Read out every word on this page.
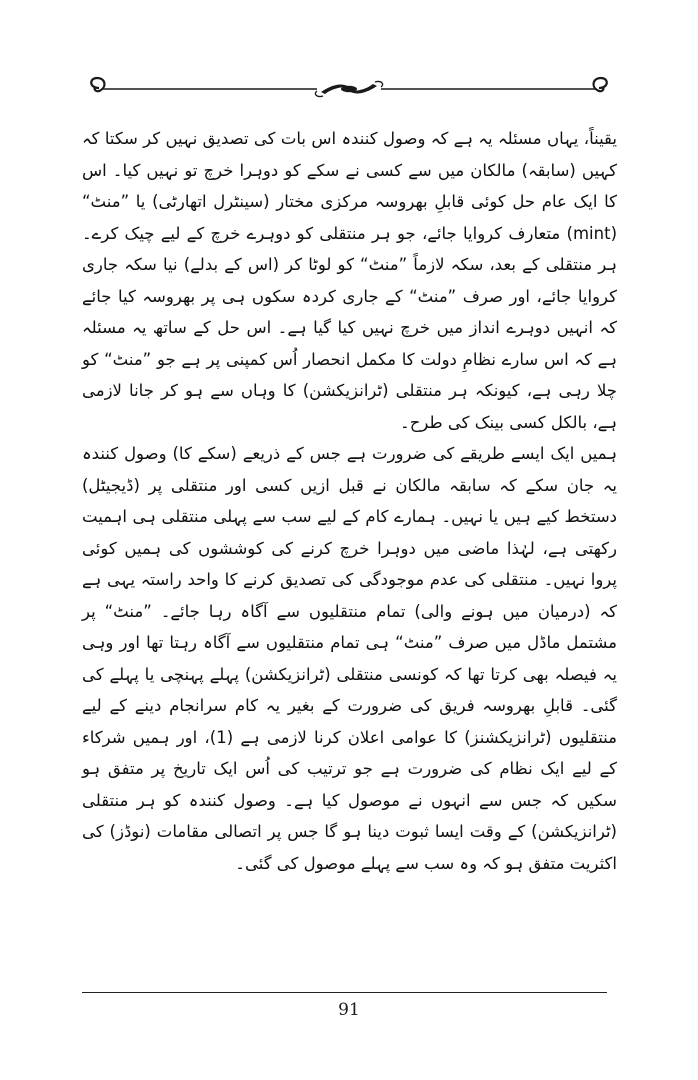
یقیناً، یہاں مسئلہ یہ ہے کہ وصول کنندہ اس بات کی تصدیق نہیں کر سکتا کہ کہیں (سابقہ) مالکان میں سے کسی نے سکے کو دوہرا خرچ تو نہیں کیا۔ اس کا ایک عام حل کوئی قابلِ بھروسہ مرکزی مختار (سینٹرل اتھارٹی) یا ”منٹ“ (mint) متعارف کروایا جائے، جو ہر منتقلی کو دوہرے خرچ کے لیے چیک کرے۔ ہر منتقلی کے بعد، سکہ لازماً ”منٹ“ کو لوٹا کر (اس کے بدلے) نیا سکہ جاری کروایا جائے، اور صرف ”منٹ“ کے جاری کردہ سکوں ہی پر بھروسہ کیا جائے کہ انہیں دوہرے انداز میں خرچ نہیں کیا گیا ہے۔ اس حل کے ساتھ یہ مسئلہ ہے کہ اس سارے نظامِ دولت کا مکمل انحصار اُس کمپنی پر ہے جو ”منٹ“ کو چلا رہی ہے، کیونکہ ہر منتقلی (ٹرانزیکشن) کا وہاں سے ہو کر جانا لازمی ہے، بالکل کسی بینک کی طرح۔

ہمیں ایک ایسے طریقے کی ضرورت ہے جس کے ذریعے (سکے کا) وصول کنندہ یہ جان سکے کہ سابقہ مالکان نے قبل ازیں کسی اور منتقلی پر (ڈیجیٹل) دستخط کیے ہیں یا نہیں۔ ہمارے کام کے لیے سب سے پہلی منتقلی ہی اہمیت رکھتی ہے، لہٰذا ماضی میں دوہرا خرچ کرنے کی کوششوں کی ہمیں کوئی پروا نہیں۔ منتقلی کی عدم موجودگی کی تصدیق کرنے کا واحد راستہ یہی ہے کہ (درمیان میں ہونے والی) تمام منتقلیوں سے آگاہ رہا جائے۔ ”منٹ“ پر مشتمل ماڈل میں صرف ”منٹ“ ہی تمام منتقلیوں سے آگاہ رہتا تھا اور وہی یہ فیصلہ بھی کرتا تھا کہ کونسی منتقلی (ٹرانزیکشن) پہلے پہنچی یا پہلے کی گئی۔ قابلِ بھروسہ فریق کی ضرورت کے بغیر یہ کام سرانجام دینے کے لیے منتقلیوں (ٹرانزیکشنز) کا عوامی اعلان کرنا لازمی ہے (1)، اور ہمیں شرکاء کے لیے ایک نظام کی ضرورت ہے جو ترتیب کی اُس ایک تاریخ پر متفق ہو سکیں کہ جس سے انہوں نے موصول کیا ہے۔ وصول کنندہ کو ہر منتقلی (ٹرانزیکشن) کے وقت ایسا ثبوت دینا ہو گا جس پر اتصالی مقامات (نوڈز) کی اکثریت متفق ہو کہ وہ سب سے پہلے موصول کی گئی۔

91
